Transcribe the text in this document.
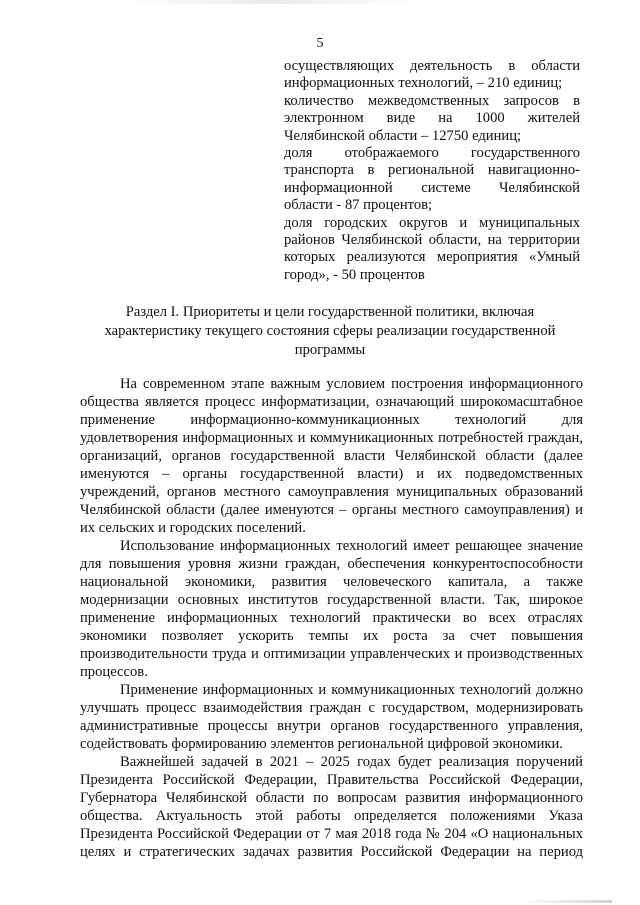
5

осуществляющих деятельность в области информационных технологий, – 210 единиц;

количество межведомственных запросов в электронном виде на 1000 жителей Челябинской области – 12750 единиц;

доля отображаемого государственного транспорта в региональной навигационно-информационной системе Челябинской области - 87 процентов;

доля городских округов и муниципальных районов Челябинской области, на территории которых реализуются мероприятия «Умный город», - 50 процентов

Раздел I. Приоритеты и цели государственной политики, включая
характеристику текущего состояния сферы реализации государственной
программы

На современном этапе важным условием построения информационного общества является процесс информатизации, означающий широкомасштабное применение информационно-коммуникационных технологий для удовлетворения информационных и коммуникационных потребностей граждан, организаций, органов государственной власти Челябинской области (далее именуются – органы государственной власти) и их подведомственных учреждений, органов местного самоуправления муниципальных образований Челябинской области (далее именуются – органы местного самоуправления) и их сельских и городских поселений.

Использование информационных технологий имеет решающее значение для повышения уровня жизни граждан, обеспечения конкурентоспособности национальной экономики, развития человеческого капитала, а также модернизации основных институтов государственной власти. Так, широкое применение информационных технологий практически во всех отраслях экономики позволяет ускорить темпы их роста за счет повышения производительности труда и оптимизации управленческих и производственных процессов.

Применение информационных и коммуникационных технологий должно улучшать процесс взаимодействия граждан с государством, модернизировать административные процессы внутри органов государственного управления, содействовать формированию элементов региональной цифровой экономики.

Важнейшей задачей в 2021 – 2025 годах будет реализация поручений Президента Российской Федерации, Правительства Российской Федерации, Губернатора Челябинской области по вопросам развития информационного общества. Актуальность этой работы определяется положениями Указа Президента Российской Федерации от 7 мая 2018 года № 204 «О национальных целях и стратегических задачах развития Российской Федерации на период
